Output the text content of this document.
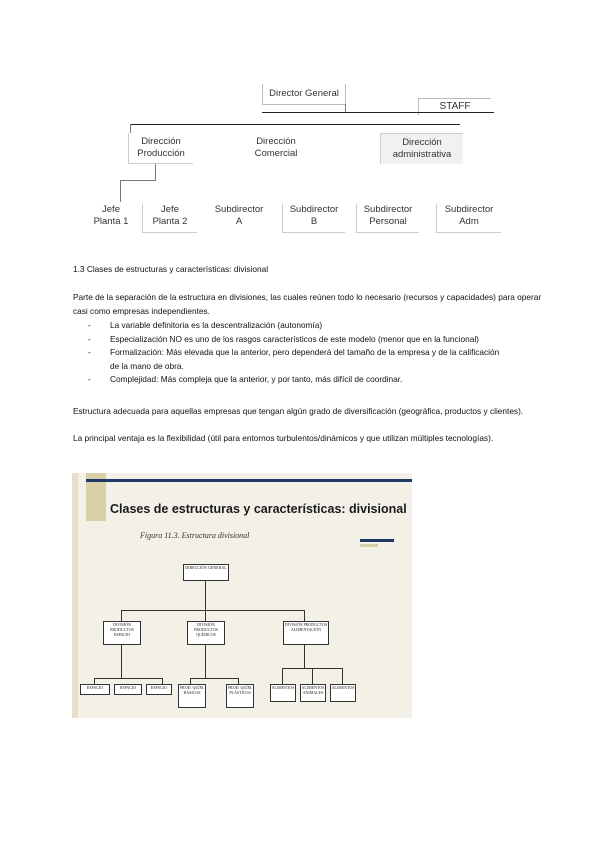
Director General
STAFF
Dirección
Producción
Dirección
Comercial
Dirección
administrativa
Jefe
Planta 1
Jefe
Planta 2
Subdirector
A
Subdirector
B
Subdirector
Personal
Subdirector
Adm
1.3 Clases de estructuras y características: divisional
Parte de la separación de la estructura en divisiones, las cuales reúnen todo lo necesario (recursos y capacidades) para operar casi como empresas independientes.
- La variable definitoria es la descentralización (autonomía)
- Especialización NO es uno de los rasgos característicos de este modelo (menor que en la funcional)
- Formalización: Más elevada que la anterior, pero dependerá del tamaño de la empresa y de la calificación de la mano de obra.
- Complejidad: Más compleja que la anterior, y por tanto, más difícil de coordinar.
Estructura adecuada para aquellas empresas que tengan algún grado de diversificación (geográfica, productos y clientes).
La principal ventaja es la flexibilidad (útil para entornos turbulentos/dinámicos y que utilizan múltiples tecnologías).
Clases de estructuras y características: divisional
Figura 11.3. Estructura divisional
DIRECCIÓN GENERAL
DIVISIÓN PRODUCTOS ESPACIO
DIVISIÓN PRODUCTOS QUÍMICOS
DIVISIÓN PRODUCTOS ALIMENTACIÓN
ESPACIO	ESPACIO	ESPACIO	PROD. QUÍM. BÁSICOS
PROD. QUÍM. PLÁSTICOS
ALIMENTOS	ALIMENTOS ANIMALES
ALIMENTOS
